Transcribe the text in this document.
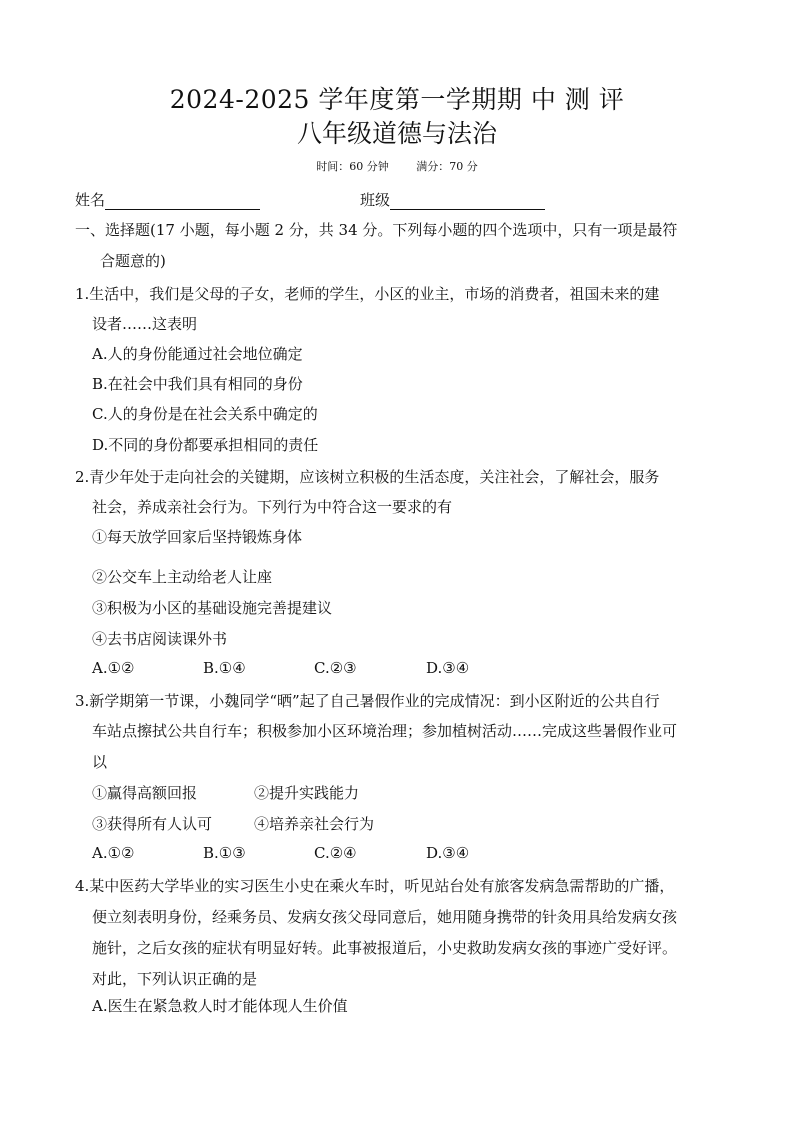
2024-2025 学年度第一学期期 中 测 评
八年级道德与法治
时间：60 分钟	满分：70 分
姓名	班级
一、选择题(17 小题，每小题 2 分，共 34 分。下列每小题的四个选项中，只有一项是最符
合题意的)
1.生活中，我们是父母的子女，老师的学生，小区的业主，市场的消费者，祖国未来的建
设者……这表明
A.人的身份能通过社会地位确定
B.在社会中我们具有相同的身份
C.人的身份是在社会关系中确定的
D.不同的身份都要承担相同的责任
2.青少年处于走向社会的关键期，应该树立积极的生活态度，关注社会，了解社会，服务
社会，养成亲社会行为。下列行为中符合这一要求的有
①每天放学回家后坚持锻炼身体
②公交车上主动给老人让座
③积极为小区的基础设施完善提建议
④去书店阅读课外书
A.①②	B.①④	C.②③	D.③④
3.新学期第一节课，小魏同学“晒”起了自己暑假作业的完成情况：到小区附近的公共自行
车站点擦拭公共自行车；积极参加小区环境治理；参加植树活动……完成这些暑假作业可
以
①赢得高额回报	②提升实践能力
③获得所有人认可	④培养亲社会行为
A.①②	B.①③	C.②④	D.③④
4.某中医药大学毕业的实习医生小史在乘火车时，听见站台处有旅客发病急需帮助的广播，
便立刻表明身份，经乘务员、发病女孩父母同意后，她用随身携带的针灸用具给发病女孩
施针，之后女孩的症状有明显好转。此事被报道后，小史救助发病女孩的事迹广受好评。
对此，下列认识正确的是
A.医生在紧急救人时才能体现人生价值
